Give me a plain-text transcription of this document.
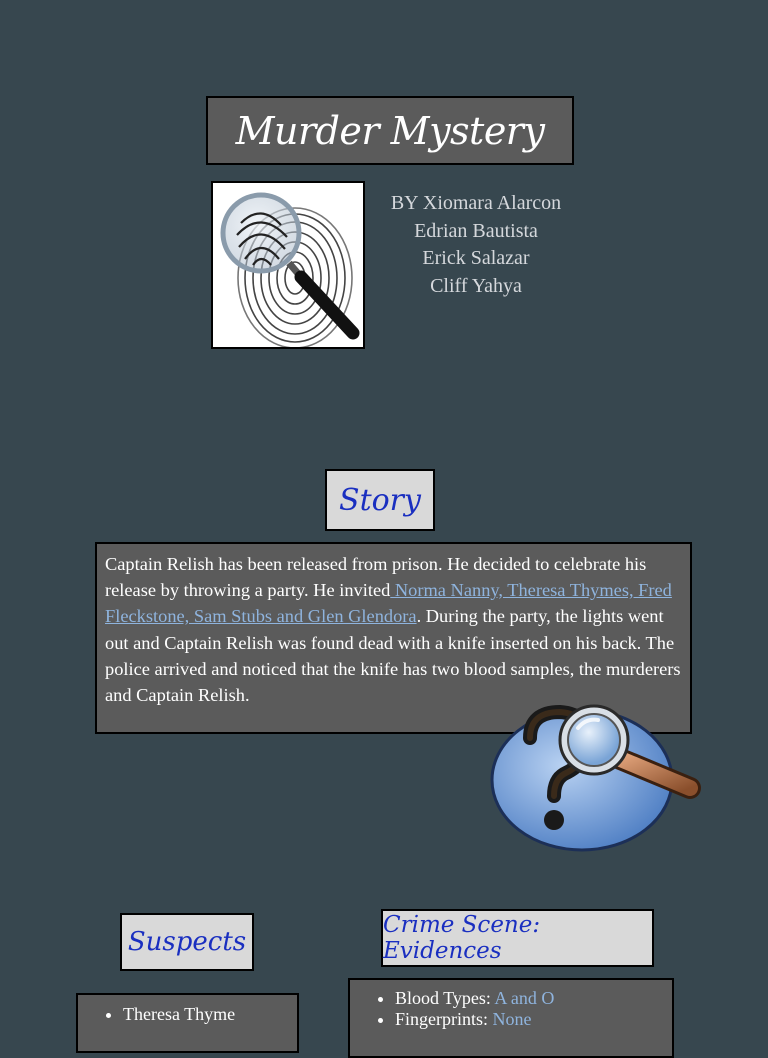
Murder Mystery
BY Xiomara Alarcon
Edrian Bautista
Erick Salazar
Cliff Yahya
Story

Captain Relish has been released from prison. He decided to celebrate his release by throwing a party. He invited Norma Nanny, Theresa Thymes, Fred Fleckstone, Sam Stubs and Glen Glendora. During the party, the lights went out and Captain Relish was found dead with a knife inserted on his back. The police arrived and noticed that the knife has two blood samples, the murderers and Captain Relish.

Suspects
Crime Scene: Evidences
• Theresa Thyme
• Blood Types: A and O
• Fingerprints: None
